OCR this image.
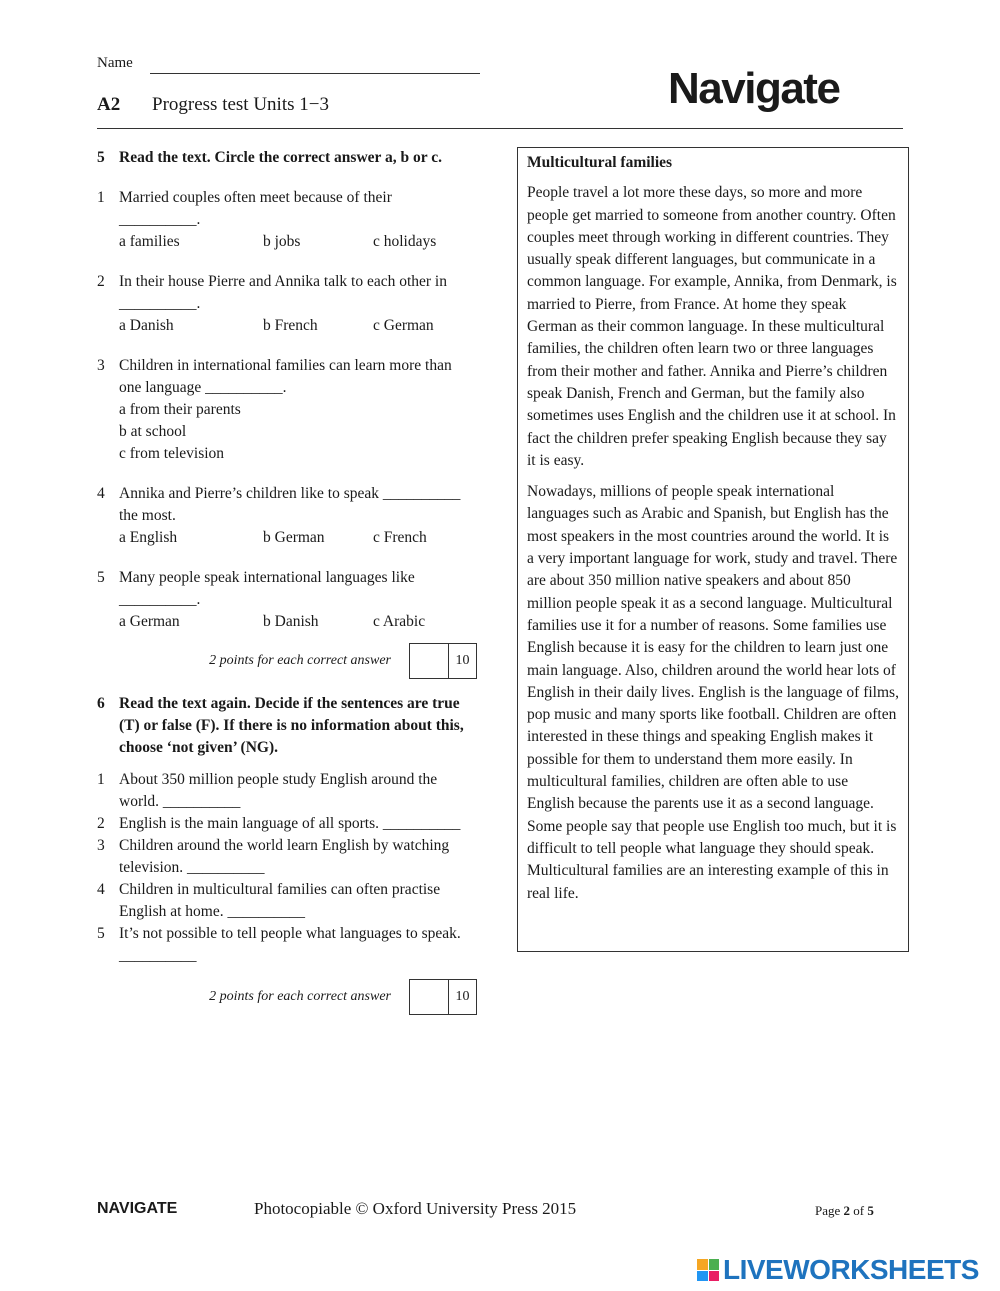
Name
A2 Progress test Units 1−3	Navigate
5 Read the text. Circle the correct answer a, b or c.
1 Married couples often meet because of their __________.
a families	b jobs	c holidays
2 In their house Pierre and Annika talk to each other in __________.
a Danish	b French	c German
3 Children in international families can learn more than one language __________.
a from their parents
b at school
c from television
4 Annika and Pierre’s children like to speak __________ the most.
a English	b German	c French
5 Many people speak international languages like __________.
a German	b Danish	c Arabic
2 points for each correct answer	10
6 Read the text again. Decide if the sentences are true (T) or false (F). If there is no information about this, choose ‘not given’ (NG).
1 About 350 million people study English around the world. __________
2 English is the main language of all sports. __________
3 Children around the world learn English by watching television. __________
4 Children in multicultural families can often practise English at home. __________
5 It’s not possible to tell people what languages to speak. __________
2 points for each correct answer	10
Multicultural families

People travel a lot more these days, so more and more people get married to someone from another country. Often couples meet through working in different countries. They usually speak different languages, but communicate in a common language. For example, Annika, from Denmark, is married to Pierre, from France. At home they speak German as their common language. In these multicultural families, the children often learn two or three languages from their mother and father. Annika and Pierre’s children speak Danish, French and German, but the family also sometimes uses English and the children use it at school. In fact the children prefer speaking English because they say it is easy.

Nowadays, millions of people speak international languages such as Arabic and Spanish, but English has the most speakers in the most countries around the world. It is a very important language for work, study and travel. There are about 350 million native speakers and about 850 million people speak it as a second language. Multicultural families use it for a number of reasons. Some families use English because it is easy for the children to learn just one main language. Also, children around the world hear lots of English in their daily lives. English is the language of films, pop music and many sports like football. Children are often interested in these things and speaking English makes it possible for them to understand them more easily. In multicultural families, children are often able to use English because the parents use it as a second language. Some people say that people use English too much, but it is difficult to tell people what language they should speak. Multicultural families are an interesting example of this in real life.

NAVIGATE	Photocopiable © Oxford University Press 2015	Page 2 of 5
LIVEWORKSHEETS
